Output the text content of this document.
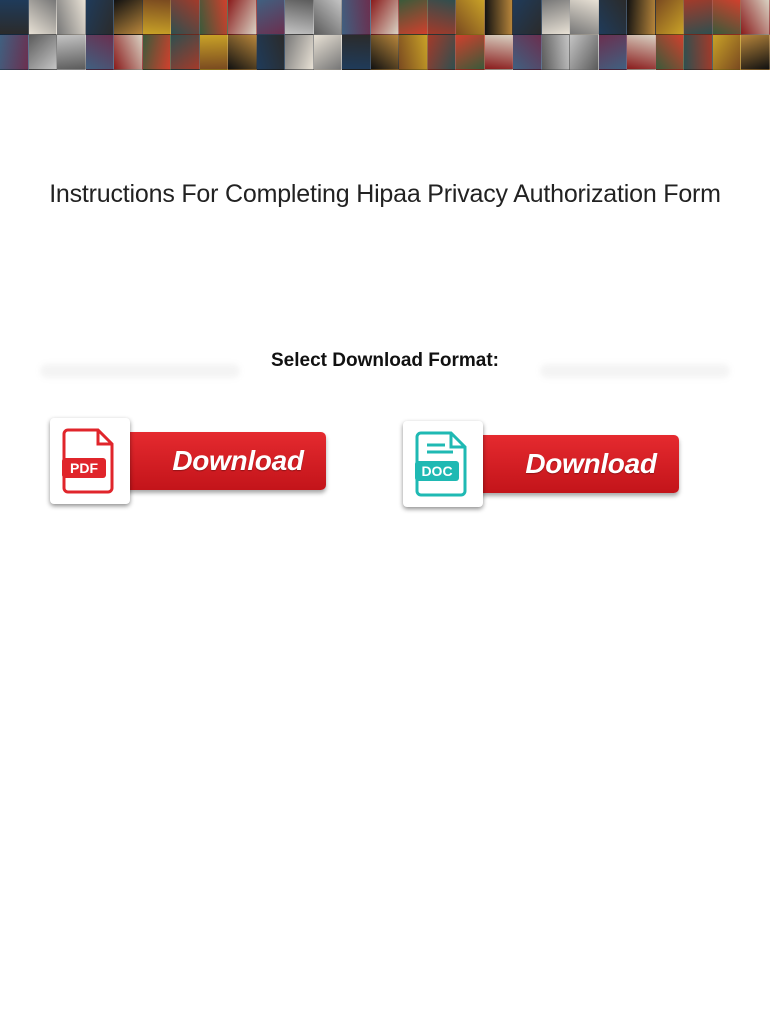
Instructions For Completing Hipaa Privacy Authorization Form
Select Download Format:
Download
PDF	Download
DOC
